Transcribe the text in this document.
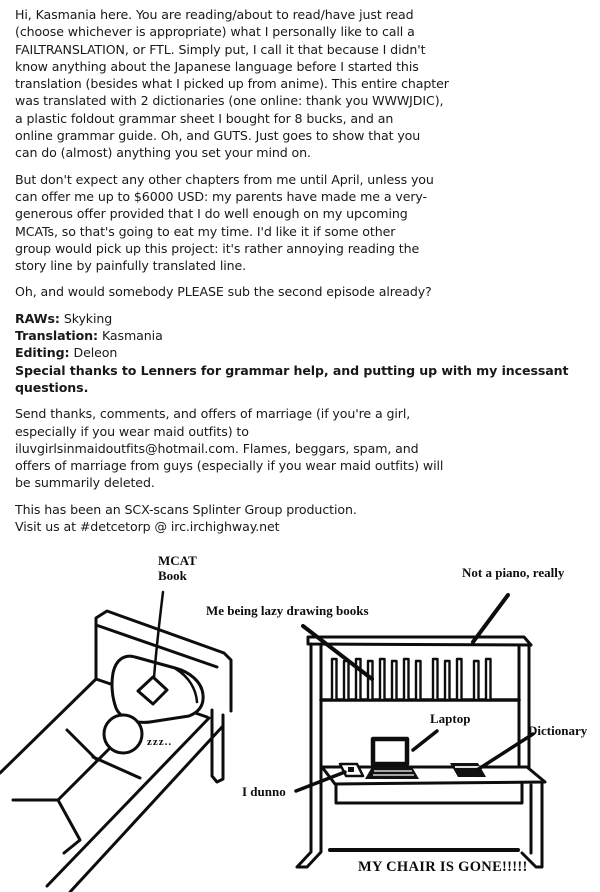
Hi, Kasmania here. You are reading/about to read/have just read
(choose whichever is appropriate) what I personally like to call a
FAILTRANSLATION, or FTL. Simply put, I call it that because I didn't
know anything about the Japanese language before I started this
translation (besides what I picked up from anime). This entire chapter
was translated with 2 dictionaries (one online: thank you WWWJDIC),
a plastic foldout grammar sheet I bought for 8 bucks, and an
online grammar guide. Oh, and GUTS. Just goes to show that you
can do (almost) anything you set your mind on.
But don't expect any other chapters from me until April, unless you
can offer me up to $6000 USD: my parents have made me a very-
generous offer provided that I do well enough on my upcoming
MCATs, so that's going to eat my time. I'd like it if some other
group would pick up this project: it's rather annoying reading the
story line by painfully translated line.
Oh, and would somebody PLEASE sub the second episode already?
RAWs: Skyking
Translation: Kasmania
Editing: Deleon
Special thanks to Lenners for grammar help, and putting up with my incessant
questions.
Send thanks, comments, and offers of marriage (if you're a girl,
especially if you wear maid outfits) to
iluvgirlsinmaidoutfits@hotmail.com. Flames, beggars, spam, and
offers of marriage from guys (especially if you wear maid outfits) will
be summarily deleted.
This has been an SCX-scans Splinter Group production.
Visit us at #detcetorp @ irc.irchighway.net
MCAT
Book
Me being lazy drawing books
Not a piano, really
Laptop
Dictionary
I dunno
zzz..
MY CHAIR IS GONE!!!!!
